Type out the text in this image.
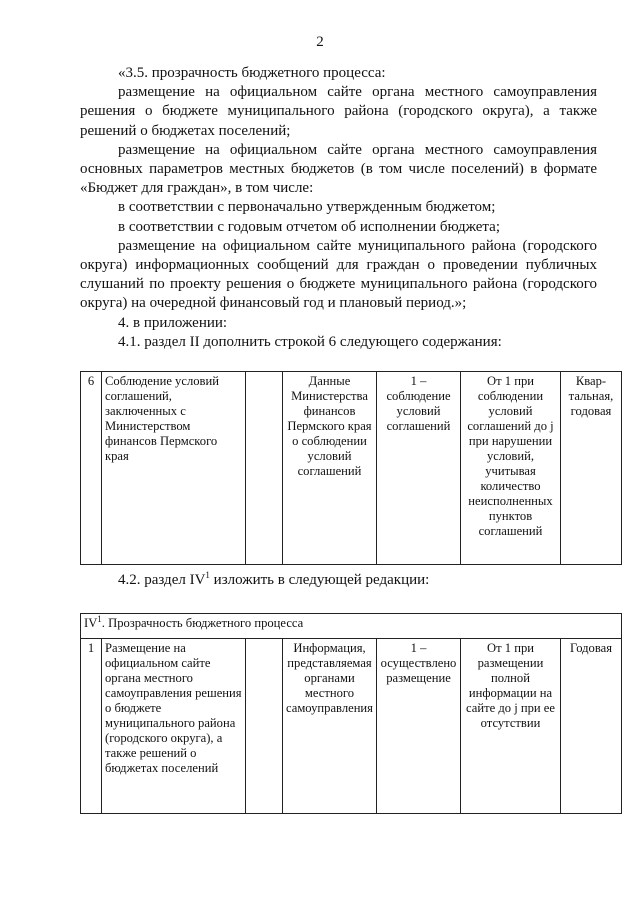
2

«3.5. прозрачность бюджетного процесса:

размещение на официальном сайте органа местного самоуправления решения о бюджете муниципального района (городского округа), а также решений о бюджетах поселений;

размещение на официальном сайте органа местного самоуправления основных параметров местных бюджетов (в том числе поселений) в формате «Бюджет для граждан», в том числе:

в соответствии с первоначально утвержденным бюджетом;

в соответствии с годовым отчетом об исполнении бюджета;

размещение на официальном сайте муниципального района (городского округа) информационных сообщений для граждан о проведении публичных слушаний по проекту решения о бюджете муниципального района (городского округа) на очередной финансовый год и плановый период.»;

4. в приложении:

4.1. раздел II дополнить строкой 6 следующего содержания:

6	Соблюдение условий соглашений, заключенных с Министерством финансов Пермского края		Данные Министерства финансов Пермского края о соблюдении условий соглашений	1 – соблюдение условий соглашений	От 1 при соблюдении условий соглашений до j при нарушении условий, учитывая количество неисполненных пунктов соглашений	Квар-тальная, годовая
4.2. раздел $IV^1$ изложить в следующей редакции:
$IV^1$. Прозрачность бюджетного процесса
1	Размещение на официальном сайте органа местного самоуправления решения о бюджете муниципального района (городского округа), а также решений о бюджетах поселений		Информация, представляемая органами местного самоуправления	1 – осуществлено размещение	От 1 при размещении полной информации на сайте до j при ее отсутствии	Годовая
